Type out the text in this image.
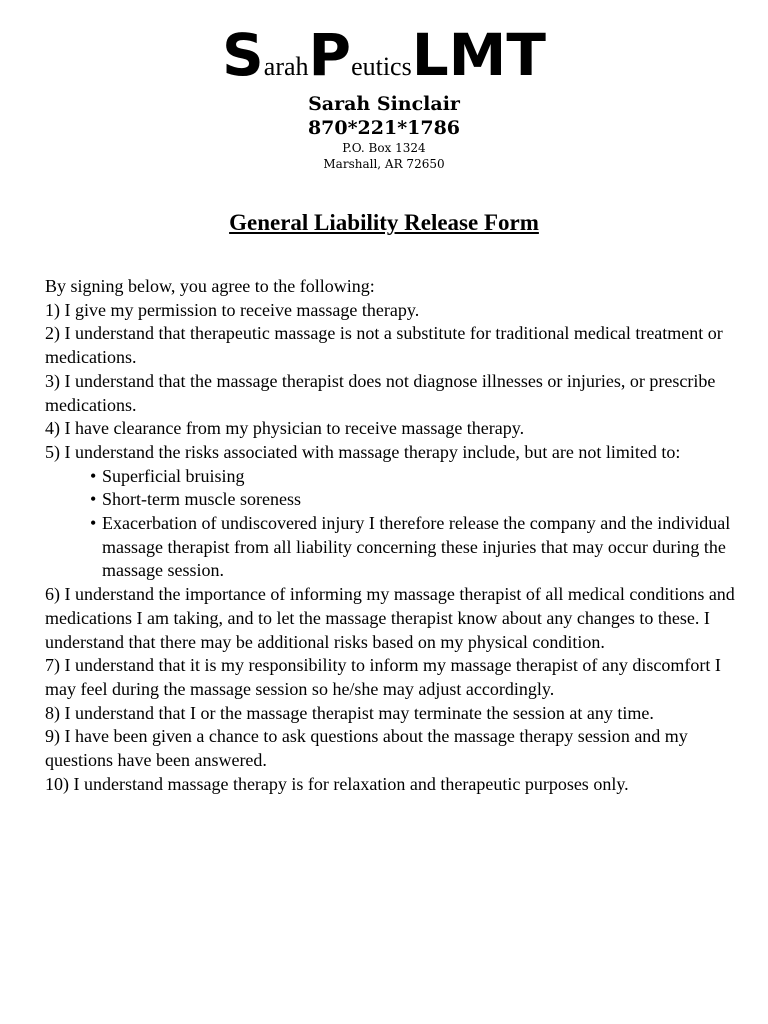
SarahPeuticsLMT
Sarah Sinclair
870*221*1786
P.O. Box 1324
Marshall, AR 72650
General Liability Release Form

By signing below, you agree to the following:

1) I give my permission to receive massage therapy.

2) I understand that therapeutic massage is not a substitute for traditional medical treatment or medications.

3) I understand that the massage therapist does not diagnose illnesses or injuries, or prescribe medications.

4) I have clearance from my physician to receive massage therapy.

5) I understand the risks associated with massage therapy include, but are not limited to:

• Superficial bruising
• Short-term muscle soreness
• Exacerbation of undiscovered injury I therefore release the company and the individual massage therapist from all liability concerning these injuries that may occur during the massage session.

6) I understand the importance of informing my massage therapist of all medical conditions and medications I am taking, and to let the massage therapist know about any changes to these. I understand that there may be additional risks based on my physical condition.

7) I understand that it is my responsibility to inform my massage therapist of any discomfort I may feel during the massage session so he/she may adjust accordingly.

8) I understand that I or the massage therapist may terminate the session at any time.

9) I have been given a chance to ask questions about the massage therapy session and my questions have been answered.

10) I understand massage therapy is for relaxation and therapeutic purposes only.
